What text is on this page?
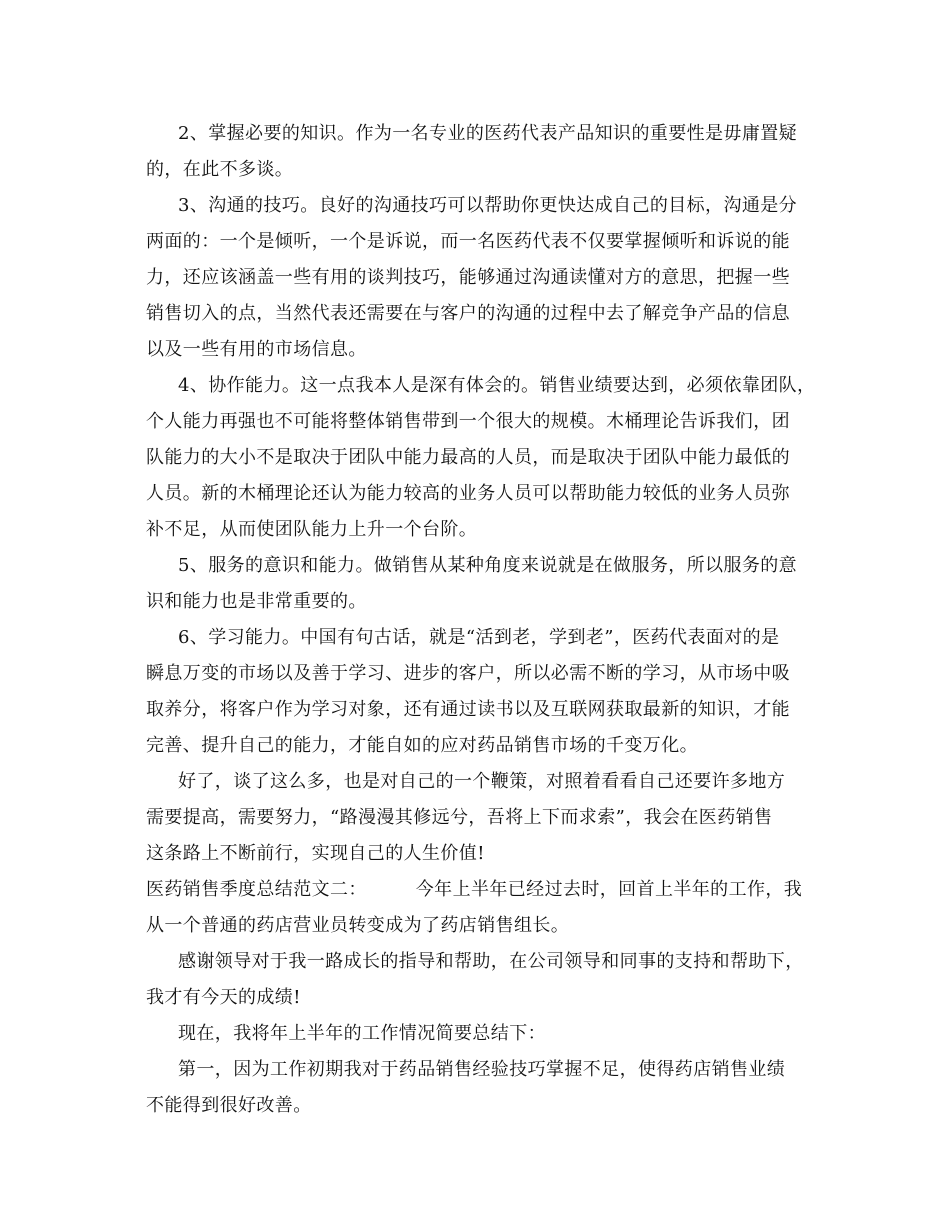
2、掌握必要的知识。作为一名专业的医药代表产品知识的重要性是毋庸置疑
的，在此不多谈。
3、沟通的技巧。良好的沟通技巧可以帮助你更快达成自己的目标，沟通是分
两面的：一个是倾听，一个是诉说，而一名医药代表不仅要掌握倾听和诉说的能
力，还应该涵盖一些有用的谈判技巧，能够通过沟通读懂对方的意思，把握一些
销售切入的点，当然代表还需要在与客户的沟通的过程中去了解竞争产品的信息
以及一些有用的市场信息。
4、协作能力。这一点我本人是深有体会的。销售业绩要达到，必须依靠团队，
个人能力再强也不可能将整体销售带到一个很大的规模。木桶理论告诉我们，团
队能力的大小不是取决于团队中能力最高的人员，而是取决于团队中能力最低的
人员。新的木桶理论还认为能力较高的业务人员可以帮助能力较低的业务人员弥
补不足，从而使团队能力上升一个台阶。
5、服务的意识和能力。做销售从某种角度来说就是在做服务，所以服务的意
识和能力也是非常重要的。
6、学习能力。中国有句古话，就是“活到老，学到老”，医药代表面对的是
瞬息万变的市场以及善于学习、进步的客户，所以必需不断的学习，从市场中吸
取养分，将客户作为学习对象，还有通过读书以及互联网获取最新的知识，才能
完善、提升自己的能力，才能自如的应对药品销售市场的千变万化。
好了，谈了这么多，也是对自己的一个鞭策，对照着看看自己还要许多地方
需要提高，需要努力，“路漫漫其修远兮，吾将上下而求索”，我会在医药销售
这条路上不断前行，实现自己的人生价值!
医药销售季度总结范文二：        今年上半年已经过去时，回首上半年的工作，我
从一个普通的药店营业员转变成为了药店销售组长。
感谢领导对于我一路成长的指导和帮助，在公司领导和同事的支持和帮助下，
我才有今天的成绩!
现在，我将年上半年的工作情况简要总结下：
第一，因为工作初期我对于药品销售经验技巧掌握不足，使得药店销售业绩
不能得到很好改善。
